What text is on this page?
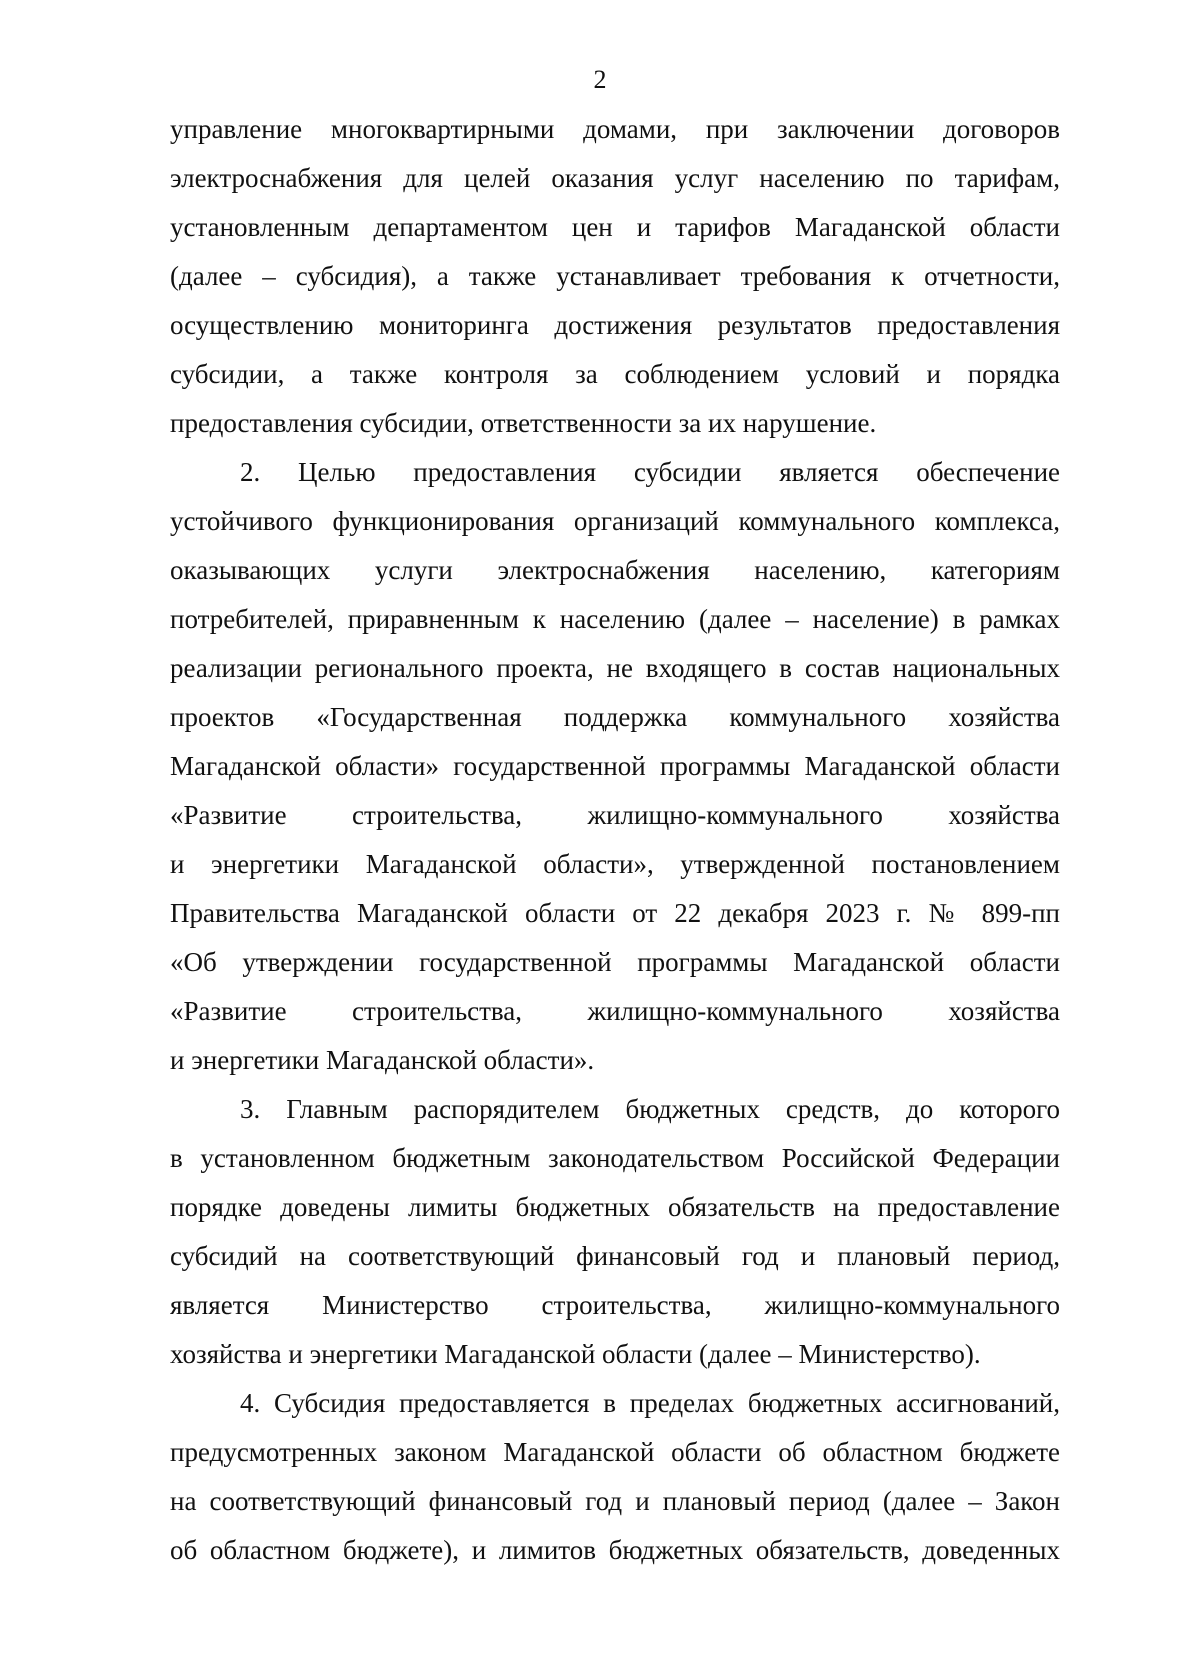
2
управление многоквартирными домами, при заключении договоров
электроснабжения для целей оказания услуг населению по тарифам,
установленным департаментом цен и тарифов Магаданской области
(далее – субсидия), а также устанавливает требования к отчетности,
осуществлению мониторинга достижения результатов предоставления
субсидии, а также контроля за соблюдением условий и порядка
предоставления субсидии, ответственности за их нарушение.
2. Целью предоставления субсидии является обеспечение
устойчивого функционирования организаций коммунального комплекса,
оказывающих услуги электроснабжения населению, категориям
потребителей, приравненным к населению (далее – население) в рамках
реализации регионального проекта, не входящего в состав национальных
проектов «Государственная поддержка коммунального хозяйства
Магаданской области» государственной программы Магаданской области
«Развитие строительства, жилищно-коммунального хозяйства
и энергетики Магаданской области», утвержденной постановлением
Правительства Магаданской области от 22 декабря 2023 г. № 899-пп
«Об утверждении государственной программы Магаданской области
«Развитие строительства, жилищно-коммунального хозяйства
и энергетики Магаданской области».
3. Главным распорядителем бюджетных средств, до которого
в установленном бюджетным законодательством Российской Федерации
порядке доведены лимиты бюджетных обязательств на предоставление
субсидий на соответствующий финансовый год и плановый период,
является Министерство строительства, жилищно-коммунального
хозяйства и энергетики Магаданской области (далее – Министерство).
4. Субсидия предоставляется в пределах бюджетных ассигнований,
предусмотренных законом Магаданской области об областном бюджете
на соответствующий финансовый год и плановый период (далее – Закон
об областном бюджете), и лимитов бюджетных обязательств, доведенных
